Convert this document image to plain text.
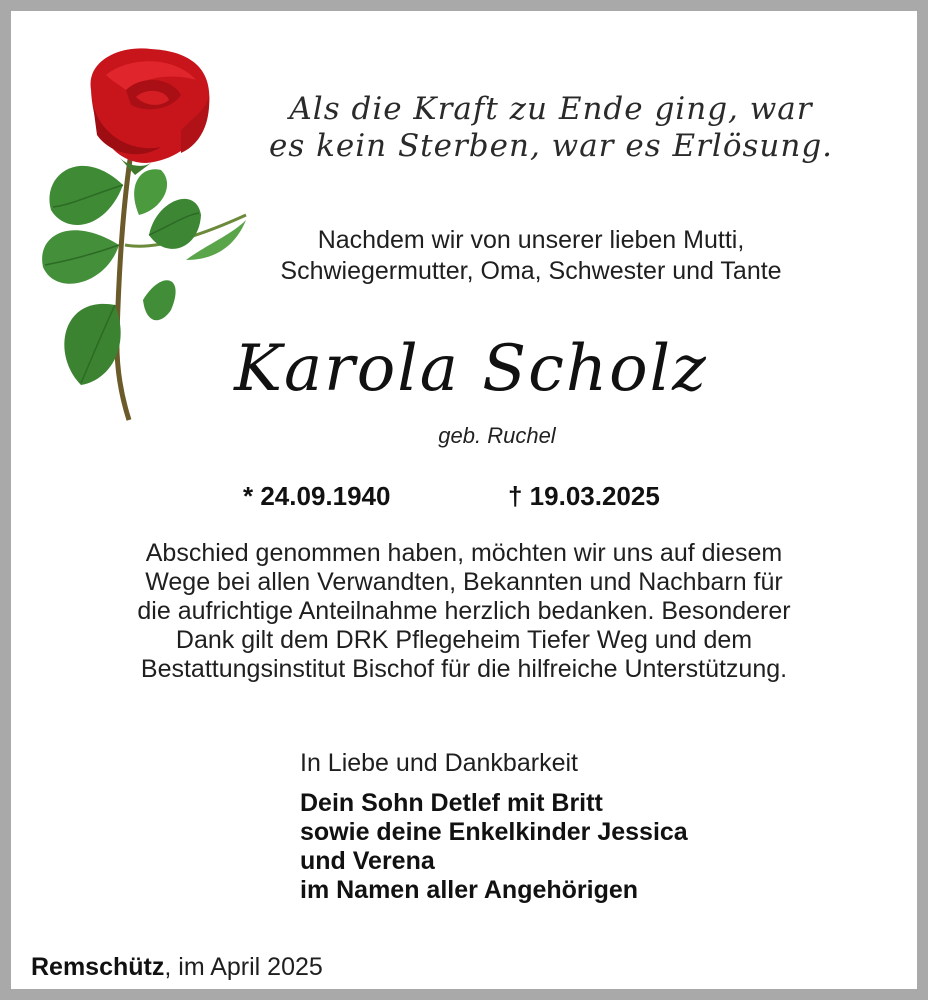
Als die Kraft zu Ende ging, war
es kein Sterben, war es Erlösung.
Nachdem wir von unserer lieben Mutti,
Schwiegermutter, Oma, Schwester und Tante
Karola Scholz
geb. Ruchel
* 24.09.1940	† 19.03.2025
Abschied genommen haben, möchten wir uns auf diesem
Wege bei allen Verwandten, Bekannten und Nachbarn für
die aufrichtige Anteilnahme herzlich bedanken. Besonderer
Dank gilt dem DRK Pflegeheim Tiefer Weg und dem
Bestattungsinstitut Bischof für die hilfreiche Unterstützung.
In Liebe und Dankbarkeit
Dein Sohn Detlef mit Britt
sowie deine Enkelkinder Jessica
und Verena
im Namen aller Angehörigen
Remschütz, im April 2025
